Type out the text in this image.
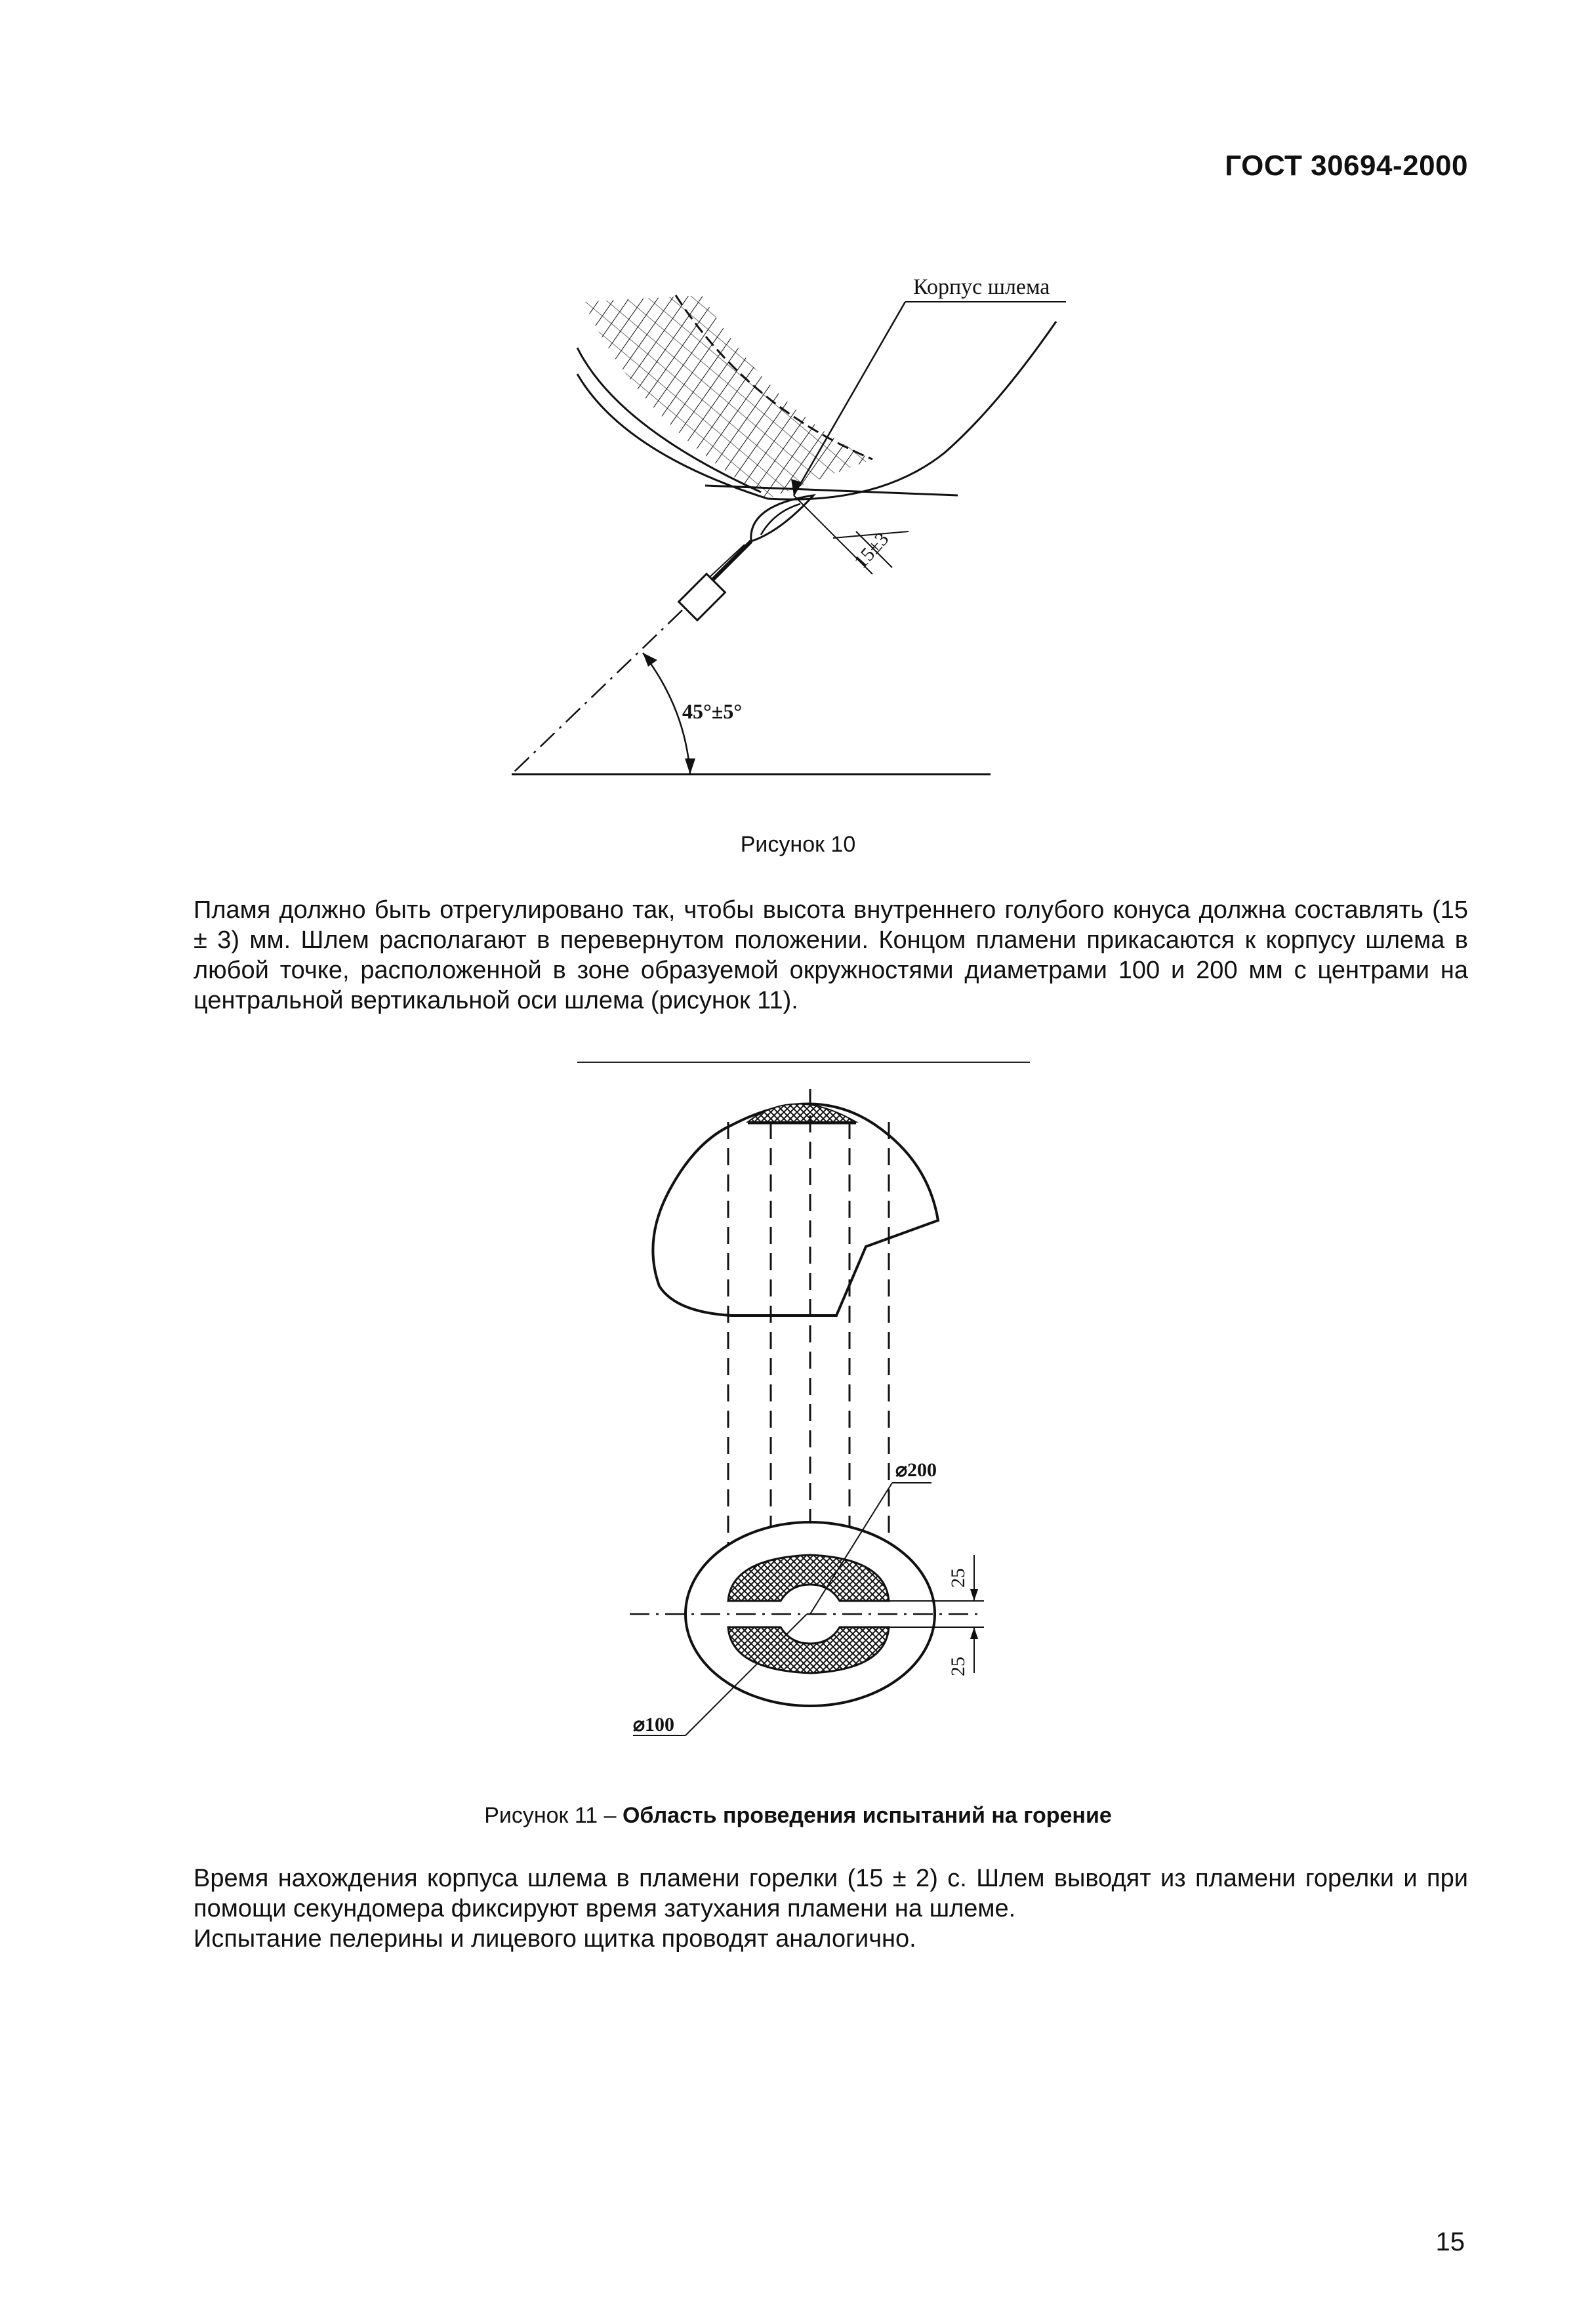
ГОСТ 30694-2000
Корпус шлема
45°±5°
15±3
Рисунок 10

Пламя должно быть отрегулировано так, чтобы высота внутреннего голубого конуса должна составлять (15 ± 3) мм. Шлем располагают в перевернутом положении. Концом пламени прикасаются к корпусу шлема в любой точке, расположенной в зоне образуемой окружностями диаметрами 100 и 200 мм с центрами на центральной вертикальной оси шлема (рисунок 11).

25
25
⌀200
⌀100
Рисунок 11 – Область проведения испытаний на горение

Время нахождения корпуса шлема в пламени горелки (15 ± 2) с. Шлем выводят из пламени горелки и при помощи секундомера фиксируют время затухания пламени на шлеме.

Испытание пелерины и лицевого щитка проводят аналогично.

15
